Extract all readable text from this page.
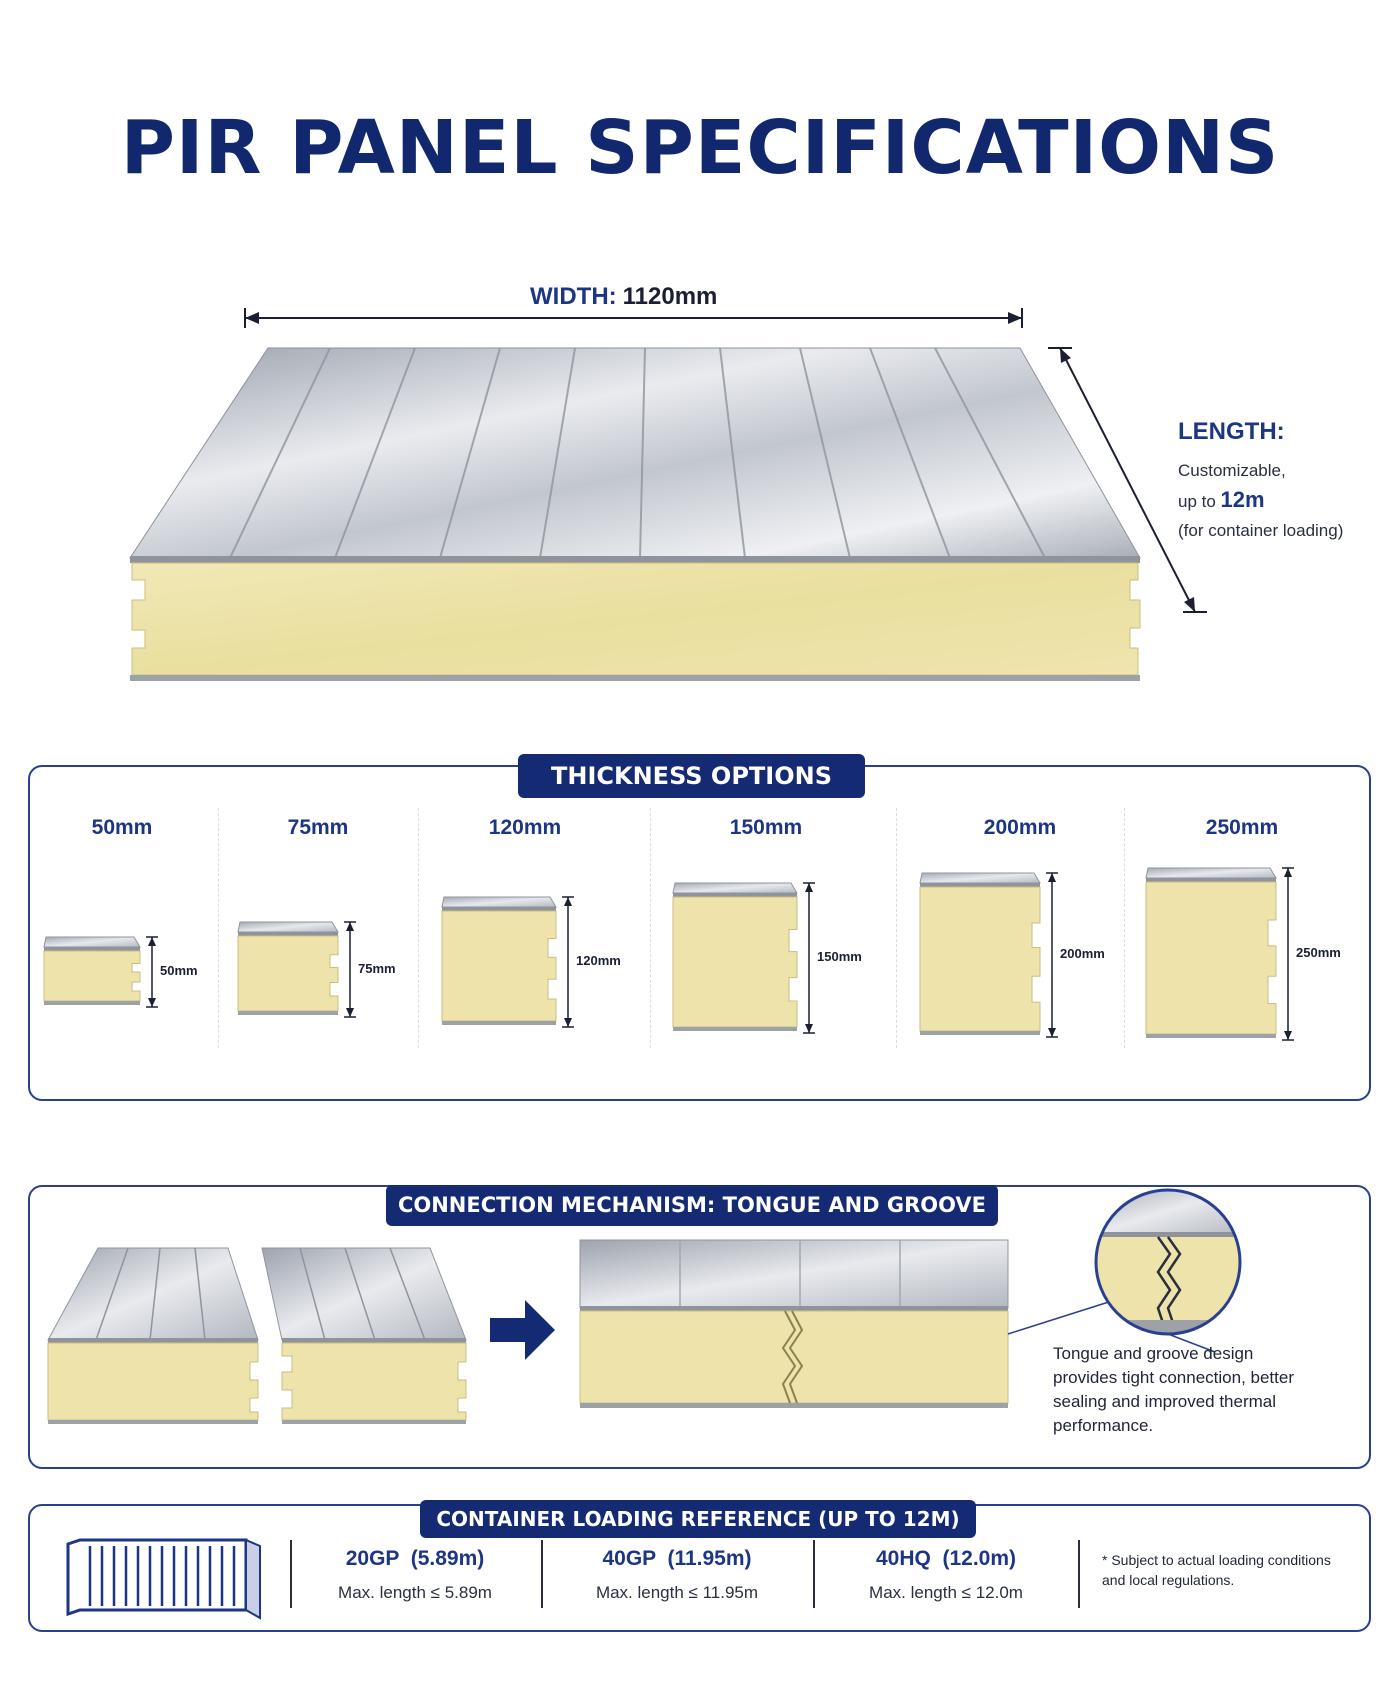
PIR PANEL SPECIFICATIONS
WIDTH: 1120mm
LENGTH:
Customizable,
up to 12m
(for container loading)
THICKNESS OPTIONS
50mm
50mm
75mm
75mm
120mm
120mm
150mm
150mm
200mm
200mm
250mm
250mm
CONNECTION MECHANISM: TONGUE AND GROOVE
Tongue and groove design provides tight connection, better sealing and improved thermal performance.
CONTAINER LOADING REFERENCE (UP TO 12M)
20GP  (5.89m)
Max. length ≤ 5.89m
40GP  (11.95m)
Max. length ≤ 11.95m
40HQ  (12.0m)
Max. length ≤ 12.0m
* Subject to actual loading conditions and local regulations.
